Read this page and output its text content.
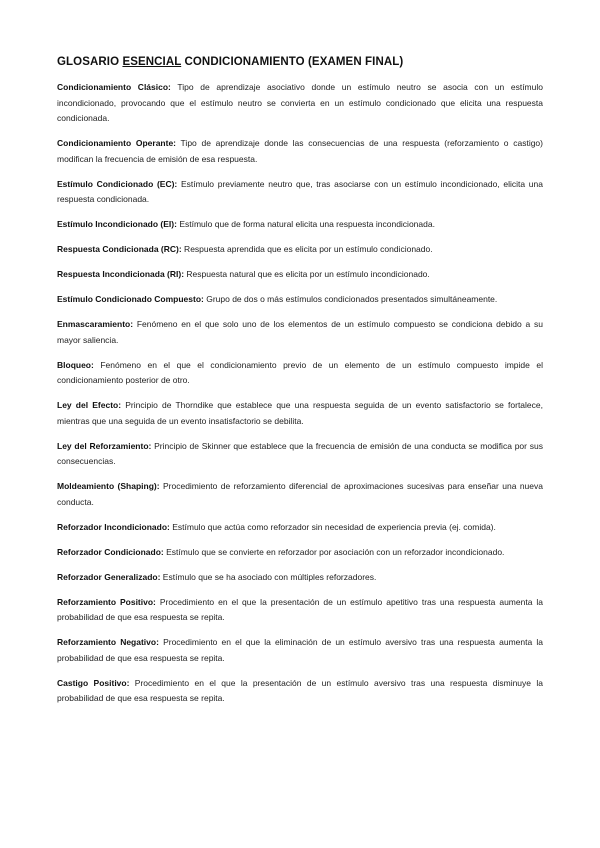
GLOSARIO ESENCIAL CONDICIONAMIENTO (EXAMEN FINAL)

Condicionamiento Clásico: Tipo de aprendizaje asociativo donde un estímulo neutro se asocia con un estímulo incondicionado, provocando que el estímulo neutro se convierta en un estímulo condicionado que elicita una respuesta condicionada.

Condicionamiento Operante: Tipo de aprendizaje donde las consecuencias de una respuesta (reforzamiento o castigo) modifican la frecuencia de emisión de esa respuesta.

Estímulo Condicionado (EC): Estímulo previamente neutro que, tras asociarse con un estímulo incondicionado, elicita una respuesta condicionada.

Estímulo Incondicionado (EI): Estímulo que de forma natural elicita una respuesta incondicionada.

Respuesta Condicionada (RC): Respuesta aprendida que es elicita por un estímulo condicionado.

Respuesta Incondicionada (RI): Respuesta natural que es elicita por un estímulo incondicionado.

Estímulo Condicionado Compuesto: Grupo de dos o más estímulos condicionados presentados simultáneamente.

Enmascaramiento: Fenómeno en el que solo uno de los elementos de un estímulo compuesto se condiciona debido a su mayor saliencia.

Bloqueo: Fenómeno en el que el condicionamiento previo de un elemento de un estímulo compuesto impide el condicionamiento posterior de otro.

Ley del Efecto: Principio de Thorndike que establece que una respuesta seguida de un evento satisfactorio se fortalece, mientras que una seguida de un evento insatisfactorio se debilita.

Ley del Reforzamiento: Principio de Skinner que establece que la frecuencia de emisión de una conducta se modifica por sus consecuencias.

Moldeamiento (Shaping): Procedimiento de reforzamiento diferencial de aproximaciones sucesivas para enseñar una nueva conducta.

Reforzador Incondicionado: Estímulo que actúa como reforzador sin necesidad de experiencia previa (ej. comida).

Reforzador Condicionado: Estímulo que se convierte en reforzador por asociación con un reforzador incondicionado.

Reforzador Generalizado: Estímulo que se ha asociado con múltiples reforzadores.

Reforzamiento Positivo: Procedimiento en el que la presentación de un estímulo apetitivo tras una respuesta aumenta la probabilidad de que esa respuesta se repita.

Reforzamiento Negativo: Procedimiento en el que la eliminación de un estímulo aversivo tras una respuesta aumenta la probabilidad de que esa respuesta se repita.

Castigo Positivo: Procedimiento en el que la presentación de un estímulo aversivo tras una respuesta disminuye la probabilidad de que esa respuesta se repita.
